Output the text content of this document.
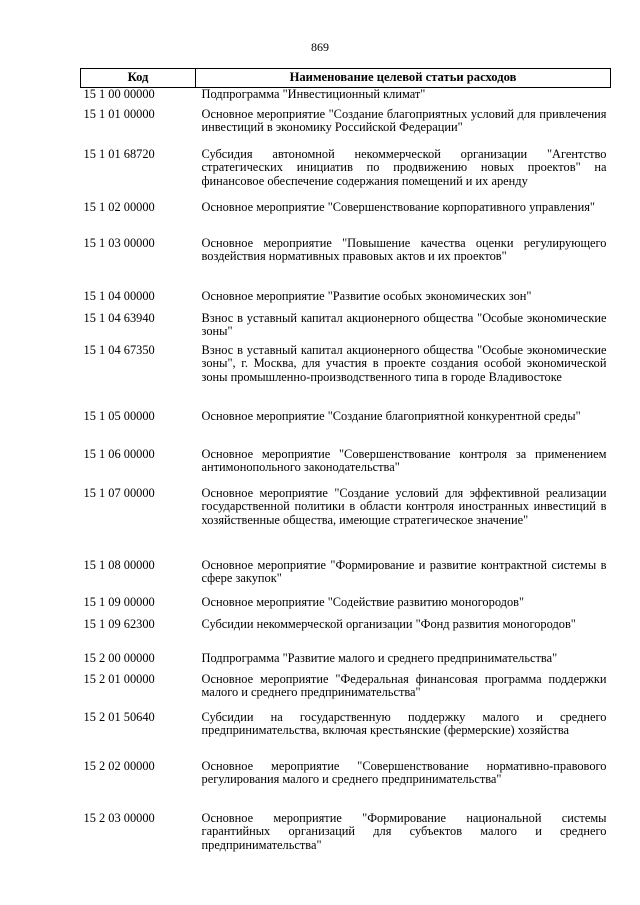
869
Код	Наименование целевой статьи расходов
15 1 00 00000	Подпрограмма "Инвестиционный климат"
15 1 01 00000	Основное мероприятие "Создание благоприятных условий для привлечения инвестиций в экономику Российской Федерации"
15 1 01 68720	Субсидия автономной некоммерческой организации "Агентство стратегических инициатив по продвижению новых проектов" на финансовое обеспечение содержания помещений и их аренду
15 1 02 00000	Основное мероприятие "Совершенствование корпоративного управления"
15 1 03 00000	Основное мероприятие "Повышение качества оценки регулирующего воздействия нормативных правовых актов и их проектов"
15 1 04 00000	Основное мероприятие "Развитие особых экономических зон"
15 1 04 63940	Взнос в уставный капитал акционерного общества "Особые экономические зоны"
15 1 04 67350	Взнос в уставный капитал акционерного общества "Особые экономические зоны", г. Москва, для участия в проекте создания особой экономической зоны промышленно-производственного типа в городе Владивостоке
15 1 05 00000	Основное мероприятие "Создание благоприятной конкурентной среды"
15 1 06 00000	Основное мероприятие "Совершенствование контроля за применением антимонопольного законодательства"
15 1 07 00000	Основное мероприятие "Создание условий для эффективной реализации государственной политики в области контроля иностранных инвестиций в хозяйственные общества, имеющие стратегическое значение"
15 1 08 00000	Основное мероприятие "Формирование и развитие контрактной системы в сфере закупок"
15 1 09 00000	Основное мероприятие "Содействие развитию моногородов"
15 1 09 62300	Субсидии некоммерческой организации "Фонд развития моногородов"
15 2 00 00000	Подпрограмма "Развитие малого и среднего предпринимательства"
15 2 01 00000	Основное мероприятие "Федеральная финансовая программа поддержки малого и среднего предпринимательства"
15 2 01 50640	Субсидии на государственную поддержку малого и среднего предпринимательства, включая крестьянские (фермерские) хозяйства
15 2 02 00000	Основное мероприятие "Совершенствование нормативно-правового регулирования малого и среднего предпринимательства"
15 2 03 00000	Основное мероприятие "Формирование национальной системы гарантийных организаций для субъектов малого и среднего предпринимательства"
